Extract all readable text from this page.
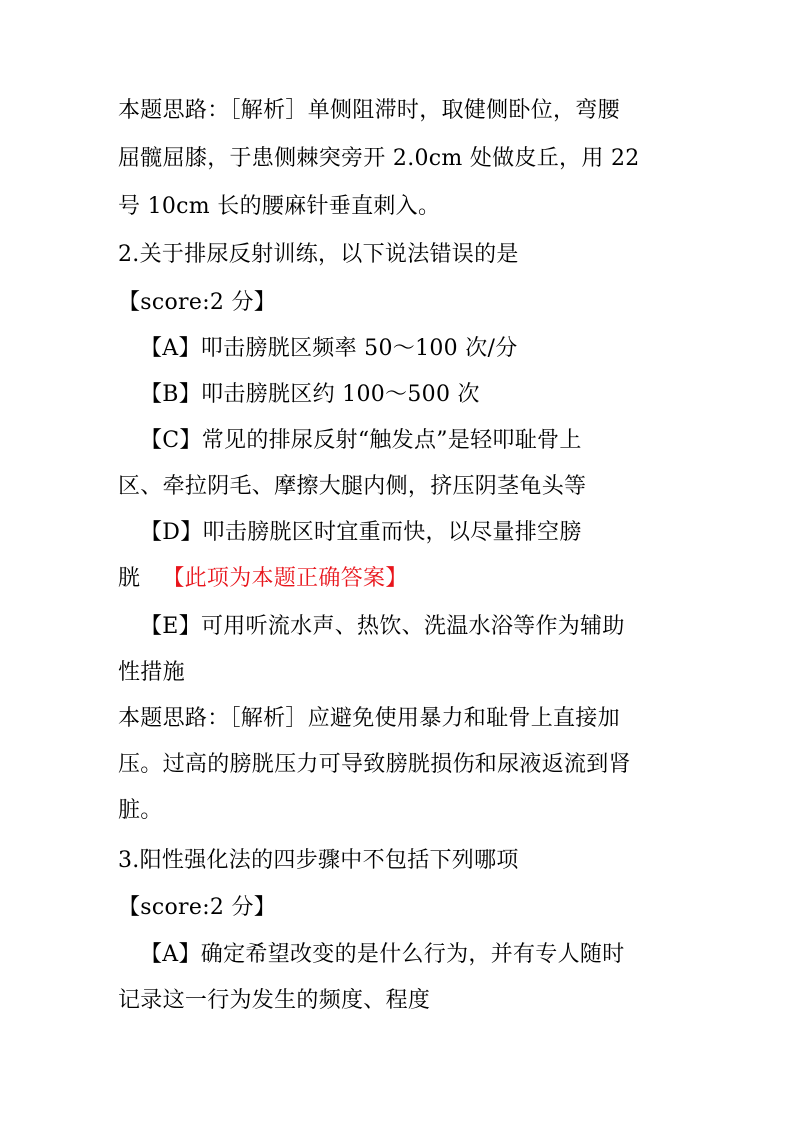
本题思路：［解析］单侧阻滞时，取健侧卧位，弯腰
屈髋屈膝，于患侧棘突旁开 2.0cm 处做皮丘，用 22
号 10cm 长的腰麻针垂直刺入。
2.关于排尿反射训练，以下说法错误的是
【score:2 分】
【A】叩击膀胱区频率 50～100 次/分
【B】叩击膀胱区约 100～500 次
【C】常见的排尿反射“触发点”是轻叩耻骨上
区、牵拉阴毛、摩擦大腿内侧，挤压阴茎龟头等
【D】叩击膀胱区时宜重而快，以尽量排空膀
胱 【此项为本题正确答案】
【E】可用听流水声、热饮、洗温水浴等作为辅助
性措施
本题思路：［解析］应避免使用暴力和耻骨上直接加
压。过高的膀胱压力可导致膀胱损伤和尿液返流到肾
脏。
3.阳性强化法的四步骤中不包括下列哪项
【score:2 分】
【A】确定希望改变的是什么行为，并有专人随时
记录这一行为发生的频度、程度
